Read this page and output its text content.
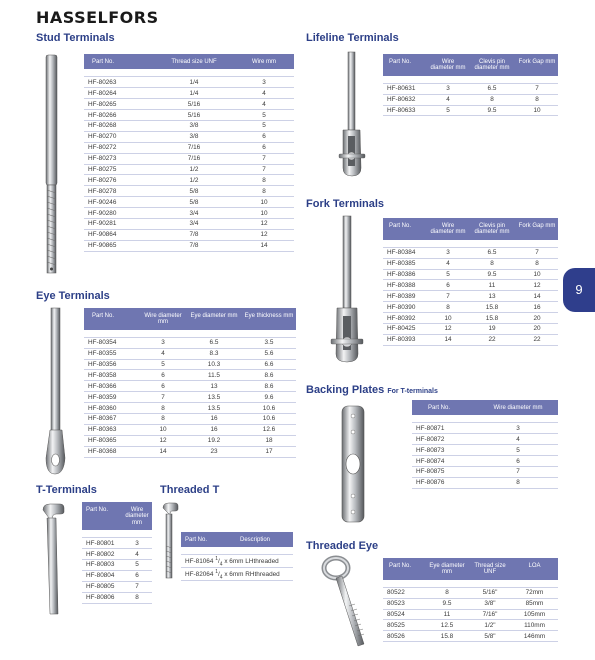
HASSELFORS
9
Stud Terminals
Part No.	Thread size UNF	Wire mm

HF-80263	1/4	3
HF-80264	1/4	4
HF-80265	5/16	4
HF-80266	5/16	5
HF-80268	3/8	5
HF-80270	3/8	6
HF-80272	7/16	6
HF-80273	7/16	7
HF-80275	1/2	7
HF-80276	1/2	8
HF-80278	5/8	8
HF-90246	5/8	10
HF-90280	3/4	10
HF-90281	3/4	12
HF-90864	7/8	12
HF-90865	7/8	14
Eye Terminals
Part No.	Wire diameter mm	Eye diameter mm	Eye thickness mm

HF-80354	3	6.5	3.5
HF-80355	4	8.3	5.6
HF-80356	5	10.3	6.6
HF-80358	6	11.5	8.6
HF-80366	6	13	8.6
HF-80359	7	13.5	9.6
HF-80360	8	13.5	10.6
HF-80367	8	16	10.6
HF-80363	10	16	12.6
HF-80365	12	19.2	18
HF-80368	14	23	17
T-Terminals
Part No.	Wire diameter mm

HF-80801	3
HF-80802	4
HF-80803	5
HF-80804	6
HF-80805	7
HF-80806	8
Threaded T
Part No.	Description

HF-81064 $^1/_4$ x 6mm LHthreaded	
HF-82064 $^1/_4$ x 6mm RHthreaded	
Lifeline Terminals
Part No.	Wire diameter mm	Clevis pin diameter mm	Fork Gap mm

HF-80631	3	6.5	7
HF-80632	4	8	8
HF-80633	5	9.5	10
Fork Terminals
Part No.	Wire diameter mm	Clevis pin diameter mm	Fork Gap mm

HF-80384	3	6.5	7
HF-80385	4	8	8
HF-80386	5	9.5	10
HF-80388	6	11	12
HF-80389	7	13	14
HF-80390	8	15.8	16
HF-80392	10	15.8	20
HF-80425	12	19	20
HF-80393	14	22	22
Backing Plates For T-terminals
Part No.	Wire diameter mm

HF-80871	3
HF-80872	4
HF-80873	5
HF-80874	6
HF-80875	7
HF-80876	8
Threaded Eye
Part No.	Eye diameter mm	Thread size UNF	LOA

80522	8	5/16"	72mm
80523	9.5	3/8"	85mm
80524	11	7/16"	105mm
80525	12.5	1/2"	110mm
80526	15.8	5/8"	146mm
